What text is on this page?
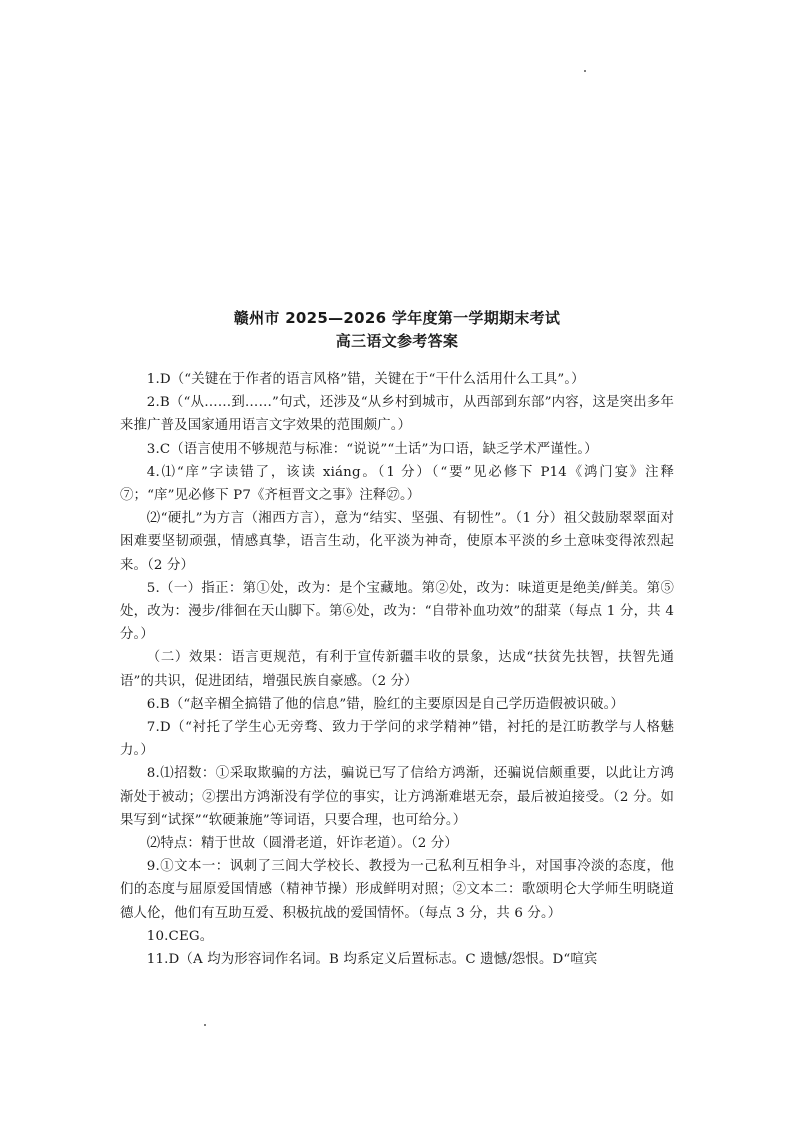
赣州市 2025—2026 学年度第一学期期末考试
高三语文参考答案

1.D（“关键在于作者的语言风格”错，关键在于“干什么活用什么工具”。）

2.B（“从……到……”句式，还涉及“从乡村到城市，从西部到东部”内容，这是突出多年来推广普及国家通用语言文字效果的范围颇广。）

3.C（语言使用不够规范与标准：“说说”“土话”为口语，缺乏学术严谨性。）

4.⑴“庠”字读错了，该读 xiáng。（1 分）（“要”见必修下 P14《鸿门宴》注释⑦；“庠”见必修下 P7《齐桓晋文之事》注释㉗。）

⑵“硬扎”为方言（湘西方言），意为“结实、坚强、有韧性”。（1 分）祖父鼓励翠翠面对困难要坚韧顽强，情感真挚，语言生动，化平淡为神奇，使原本平淡的乡土意味变得浓烈起来。（2 分）

5.（一）指正：第①处，改为：是个宝藏地。第②处，改为：味道更是绝美/鲜美。第⑤处，改为：漫步/徘徊在天山脚下。第⑥处，改为：“自带补血功效”的甜菜（每点 1 分，共 4 分。）

（二）效果：语言更规范，有利于宣传新疆丰收的景象，达成“扶贫先扶智，扶智先通语”的共识，促进团结，增强民族自豪感。（2 分）

6.B（“赵辛楣全搞错了他的信息”错，脸红的主要原因是自己学历造假被识破。）

7.D（“衬托了学生心无旁骛、致力于学问的求学精神”错，衬托的是江昉教学与人格魅力。）

8.⑴招数：①采取欺骗的方法，骗说已写了信给方鸿渐，还骗说信颇重要，以此让方鸿渐处于被动；②摆出方鸿渐没有学位的事实，让方鸿渐难堪无奈，最后被迫接受。（2 分。如果写到“试探”“软硬兼施”等词语，只要合理，也可给分。）

⑵特点：精于世故（圆滑老道，奸诈老道）。（2 分）

9.①文本一：讽刺了三闾大学校长、教授为一己私利互相争斗，对国事冷淡的态度，他们的态度与屈原爱国情感（精神节操）形成鲜明对照；②文本二：歌颂明仑大学师生明晓道德人伦，他们有互助互爱、积极抗战的爱国情怀。（每点 3 分，共 6 分。）

10.CEG。

11.D（A 均为形容词作名词。B 均系定义后置标志。C 遗憾/怨恨。D“喧宾
